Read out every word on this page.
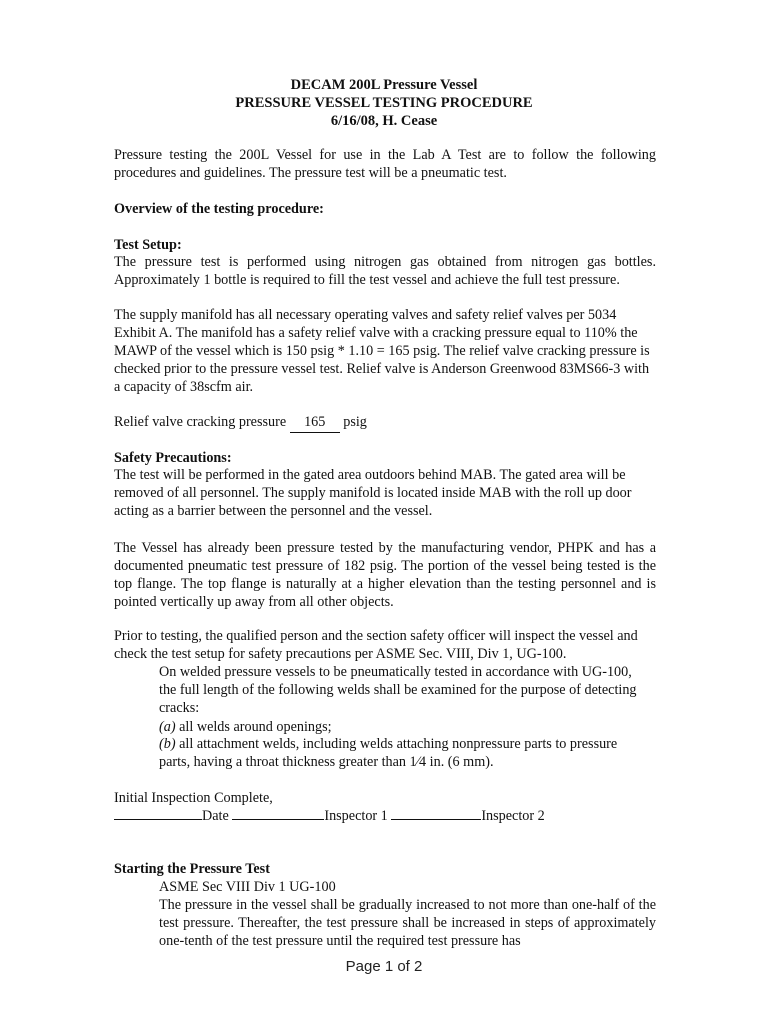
DECAM 200L Pressure Vessel
PRESSURE VESSEL TESTING PROCEDURE
6/16/08, H. Cease

Pressure testing the 200L Vessel for use in the Lab A Test are to follow the following procedures and guidelines. The pressure test will be a pneumatic test.

Overview of the testing procedure:

Test Setup:

The pressure test is performed using nitrogen gas obtained from nitrogen gas bottles. Approximately 1 bottle is required to fill the test vessel and achieve the full test pressure.

The supply manifold has all necessary operating valves and safety relief valves per 5034 Exhibit A. The manifold has a safety relief valve with a cracking pressure equal to 110% the MAWP of the vessel which is 150 psig * 1.10 = 165 psig. The relief valve cracking pressure is checked prior to the pressure vessel test. Relief valve is Anderson Greenwood 83MS66-3 with a capacity of 38scfm air.

Relief valve cracking pressure 165 psig

Safety Precautions:

The test will be performed in the gated area outdoors behind MAB. The gated area will be removed of all personnel. The supply manifold is located inside MAB with the roll up door acting as a barrier between the personnel and the vessel.

The Vessel has already been pressure tested by the manufacturing vendor, PHPK and has a documented pneumatic test pressure of 182 psig. The portion of the vessel being tested is the top flange. The top flange is naturally at a higher elevation than the testing personnel and is pointed vertically up away from all other objects.

Prior to testing, the qualified person and the section safety officer will inspect the vessel and check the test setup for safety precautions per ASME Sec. VIII, Div 1, UG-100.

On welded pressure vessels to be pneumatically tested in accordance with UG-100, the full length of the following welds shall be examined for the purpose of detecting cracks:

(a) all welds around openings;

(b) all attachment welds, including welds attaching nonpressure parts to pressure parts, having a throat thickness greater than 1⁄4 in. (6 mm).

Initial Inspection Complete,

Date	Inspector 1	Inspector 2

Starting the Pressure Test

ASME Sec VIII Div 1 UG-100

The pressure in the vessel shall be gradually increased to not more than one-half of the test pressure. Thereafter, the test pressure shall be increased in steps of approximately one-tenth of the test pressure until the required test pressure has

Page 1 of 2
